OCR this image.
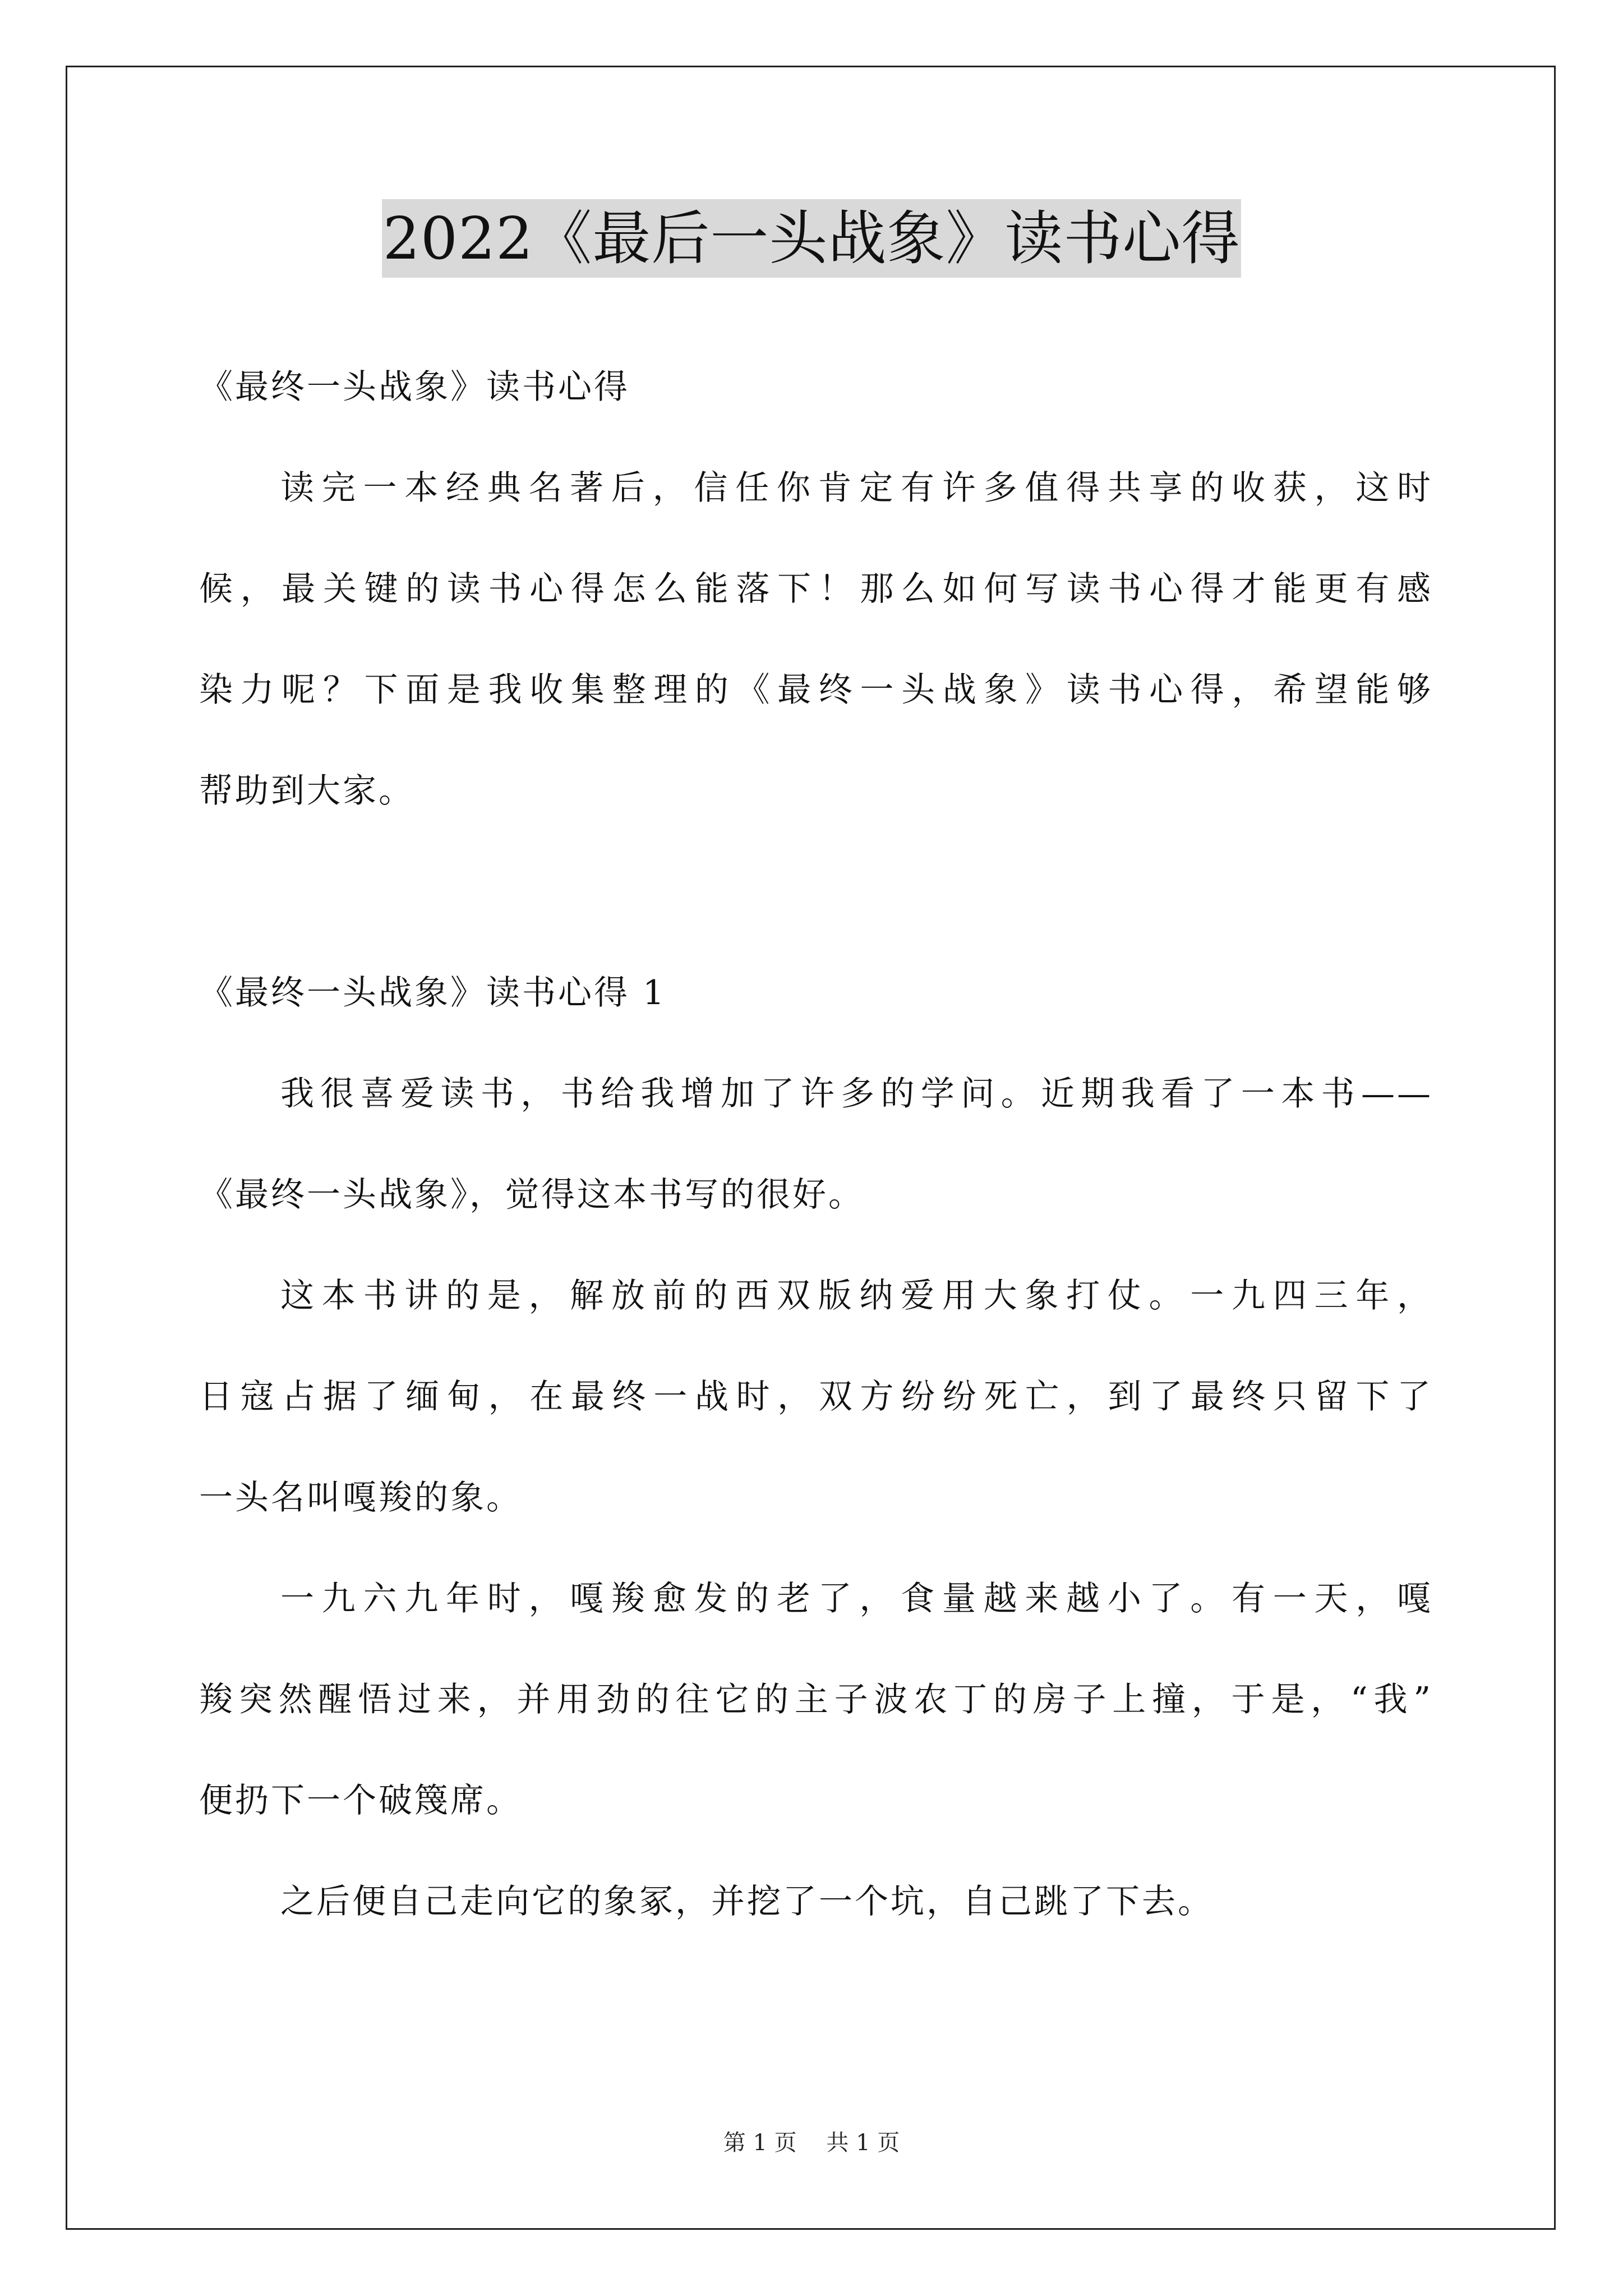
2022《最后一头战象》读书心得
《最终一头战象》读书心得
读完一本经典名著后，信任你肯定有许多值得共享的收获，这时
候，最关键的读书心得怎么能落下！那么如何写读书心得才能更有感
染力呢？下面是我收集整理的《最终一头战象》读书心得，希望能够
帮助到大家。
《最终一头战象》读书心得 1
我很喜爱读书，书给我增加了许多的学问。近期我看了一本书——
《最终一头战象》，觉得这本书写的很好。
这本书讲的是，解放前的西双版纳爱用大象打仗。一九四三年，
日寇占据了缅甸，在最终一战时，双方纷纷死亡，到了最终只留下了
一头名叫嘎羧的象。
一九六九年时，嘎羧愈发的老了，食量越来越小了。有一天，嘎
羧突然醒悟过来，并用劲的往它的主子波农丁的房子上撞，于是，“我”
便扔下一个破篾席。
之后便自己走向它的象冢，并挖了一个坑，自己跳了下去。
第 1 页 共 1 页
